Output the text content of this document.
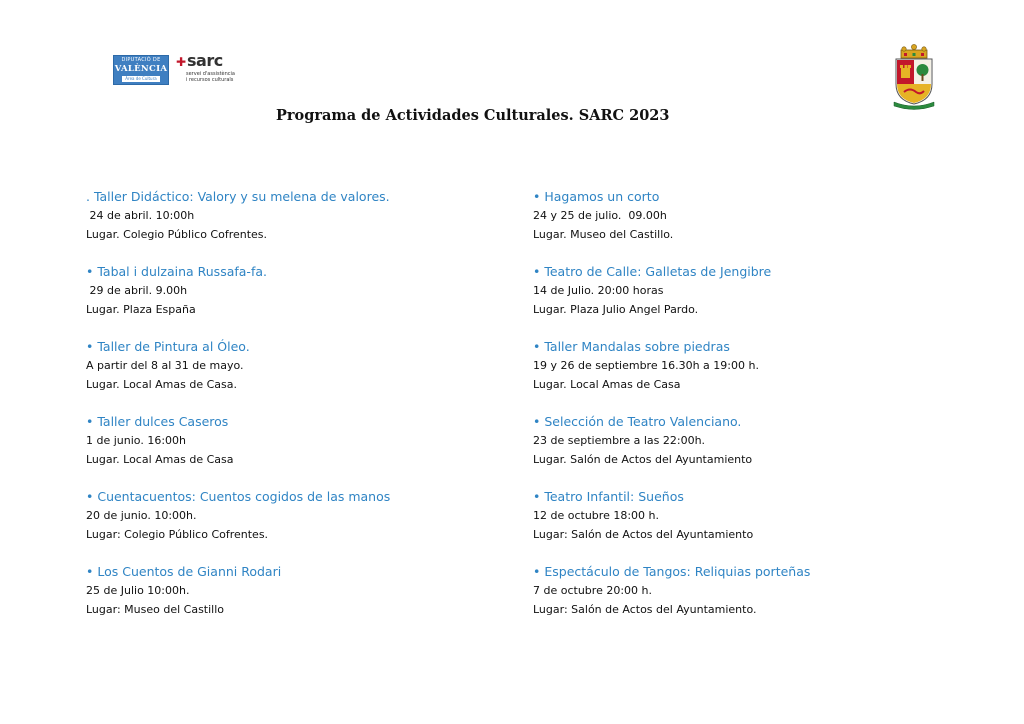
DIPUTACIÓ DE
VALÈNCIA
Àrea de Cultura
✚ sarc
servei d'assistència
i recursos culturals
Programa de Actividades Culturales. SARC 2023
. Taller Didáctico: Valory y su melena de valores.
24 de abril. 10:00h
Lugar. Colegio Público Cofrentes.
• Tabal i dulzaina Russafa-fa.
29 de abril. 9.00h
Lugar. Plaza España
• Taller de Pintura al Óleo.
A partir del 8 al 31 de mayo.
Lugar. Local Amas de Casa.
• Taller dulces Caseros
1 de junio. 16:00h
Lugar. Local Amas de Casa
• Cuentacuentos: Cuentos cogidos de las manos
20 de junio. 10:00h.
Lugar: Colegio Público Cofrentes.
• Los Cuentos de Gianni Rodari
25 de Julio 10:00h.
Lugar: Museo del Castillo
• Hagamos un corto
24 y 25 de julio.  09.00h
Lugar. Museo del Castillo.
• Teatro de Calle: Galletas de Jengibre
14 de Julio. 20:00 horas
Lugar. Plaza Julio Angel Pardo.
• Taller Mandalas sobre piedras
19 y 26 de septiembre 16.30h a 19:00 h.
Lugar. Local Amas de Casa
• Selección de Teatro Valenciano.
23 de septiembre a las 22:00h.
Lugar. Salón de Actos del Ayuntamiento
• Teatro Infantil: Sueños
12 de octubre 18:00 h.
Lugar: Salón de Actos del Ayuntamiento
• Espectáculo de Tangos: Reliquias porteñas
7 de octubre 20:00 h.
Lugar: Salón de Actos del Ayuntamiento.
